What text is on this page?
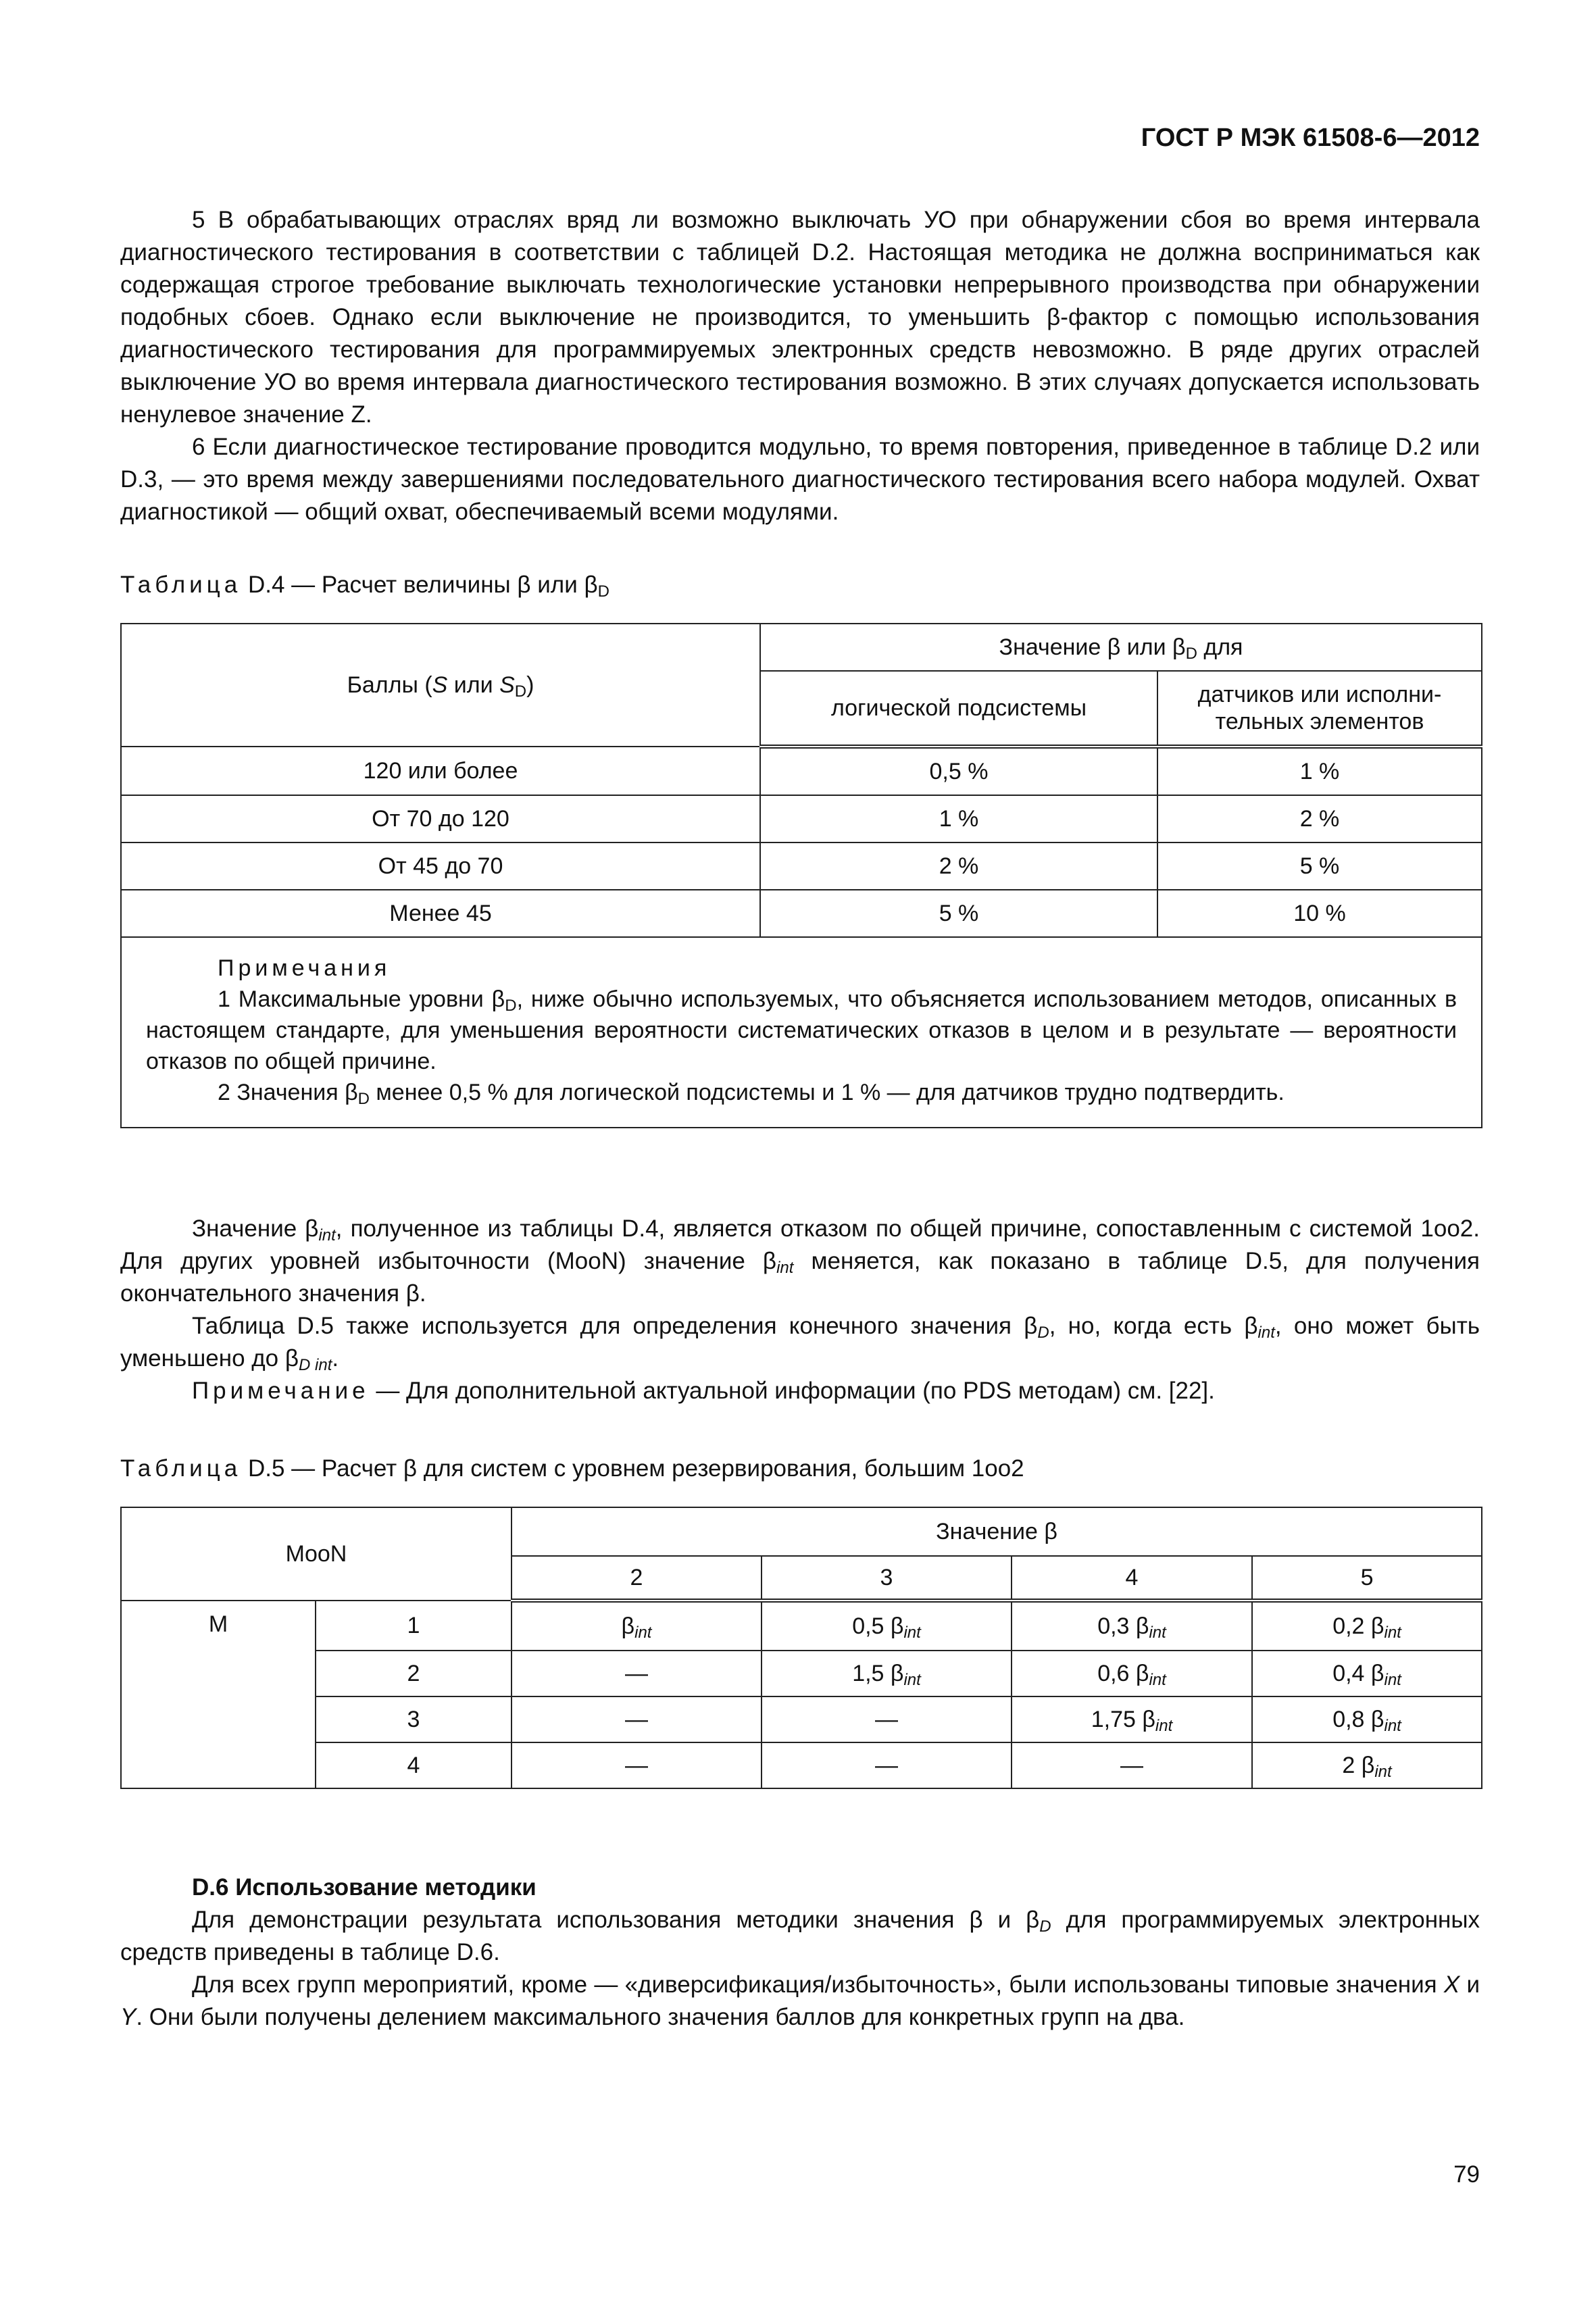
ГОСТ Р МЭК 61508-6—2012

5 В обрабатывающих отраслях вряд ли возможно выключать УО при обнаружении сбоя во время интервала диагностического тестирования в соответствии с таблицей D.2. Настоящая методика не должна восприниматься как содержащая строгое требование выключать технологические установки непрерывного производства при обнаружении подобных сбоев. Однако если выключение не производится, то уменьшить β-фактор с помощью использования диагностического тестирования для программируемых электронных средств невозможно. В ряде других отраслей выключение УО во время интервала диагностического тестирования возможно. В этих случаях допускается использовать ненулевое значение Z.

6 Если диагностическое тестирование проводится модульно, то время повторения, приведенное в таблице D.2 или D.3, — это время между завершениями последовательного диагностического тестирования всего набора модулей. Охват диагностикой — общий охват, обеспечиваемый всеми модулями.

Таблица D.4 — Расчет величины β или $\beta_D$
Баллы (S или $S_D$)	Значение β или $\beta_D$ для	
	логической подсистемы	датчиков или исполни-
тельных элементов
120 или более	0,5 %	1 %
От 70 до 120	1 %	2 %
От 45 до 70	2 %	5 %
Менее 45	5 %	10 %

Примечания
1 Максимальные уровни $\beta_D$, ниже обычно используемых, что объясняется использованием методов, описанных в настоящем стандарте, для уменьшения вероятности систематических отказов в целом и в результате — вероятности отказов по общей причине.
2 Значения $\beta_D$ менее 0,5 % для логической подсистемы и 1 % — для датчиков трудно подтвердить.		

Значение $\beta_{int}$, полученное из таблицы D.4, является отказом по общей причине, сопоставленным с системой 1oo2. Для других уровней избыточности (MooN) значение $\beta_{int}$ меняется, как показано в таблице D.5, для получения окончательного значения β.

Таблица D.5 также используется для определения конечного значения $\beta_D$, но, когда есть $\beta_{int}$, оно может быть уменьшено до $\beta_{D int}$.

Примечание — Для дополнительной актуальной информации (по PDS методам) см. [22].

Таблица D.5 — Расчет β для систем с уровнем резервирования, большим 1oo2
MooN		Значение β			
		2	3	4	5
M	1	$\beta_{int}$	0,5 $\beta_{int}$	0,3 $\beta_{int}$	0,2 $\beta_{int}$
	2	—	1,5 $\beta_{int}$	0,6 $\beta_{int}$	0,4 $\beta_{int}$
	3	—	—	1,75 $\beta_{int}$	0,8 $\beta_{int}$
	4	—	—	—	2 $\beta_{int}$

D.6 Использование методики

Для демонстрации результата использования методики значения β и $\beta_D$ для программируемых электронных средств приведены в таблице D.6.

Для всех групп мероприятий, кроме — «диверсификация/избыточность», были использованы типовые значения X и Y. Они были получены делением максимального значения баллов для конкретных групп на два.

79
